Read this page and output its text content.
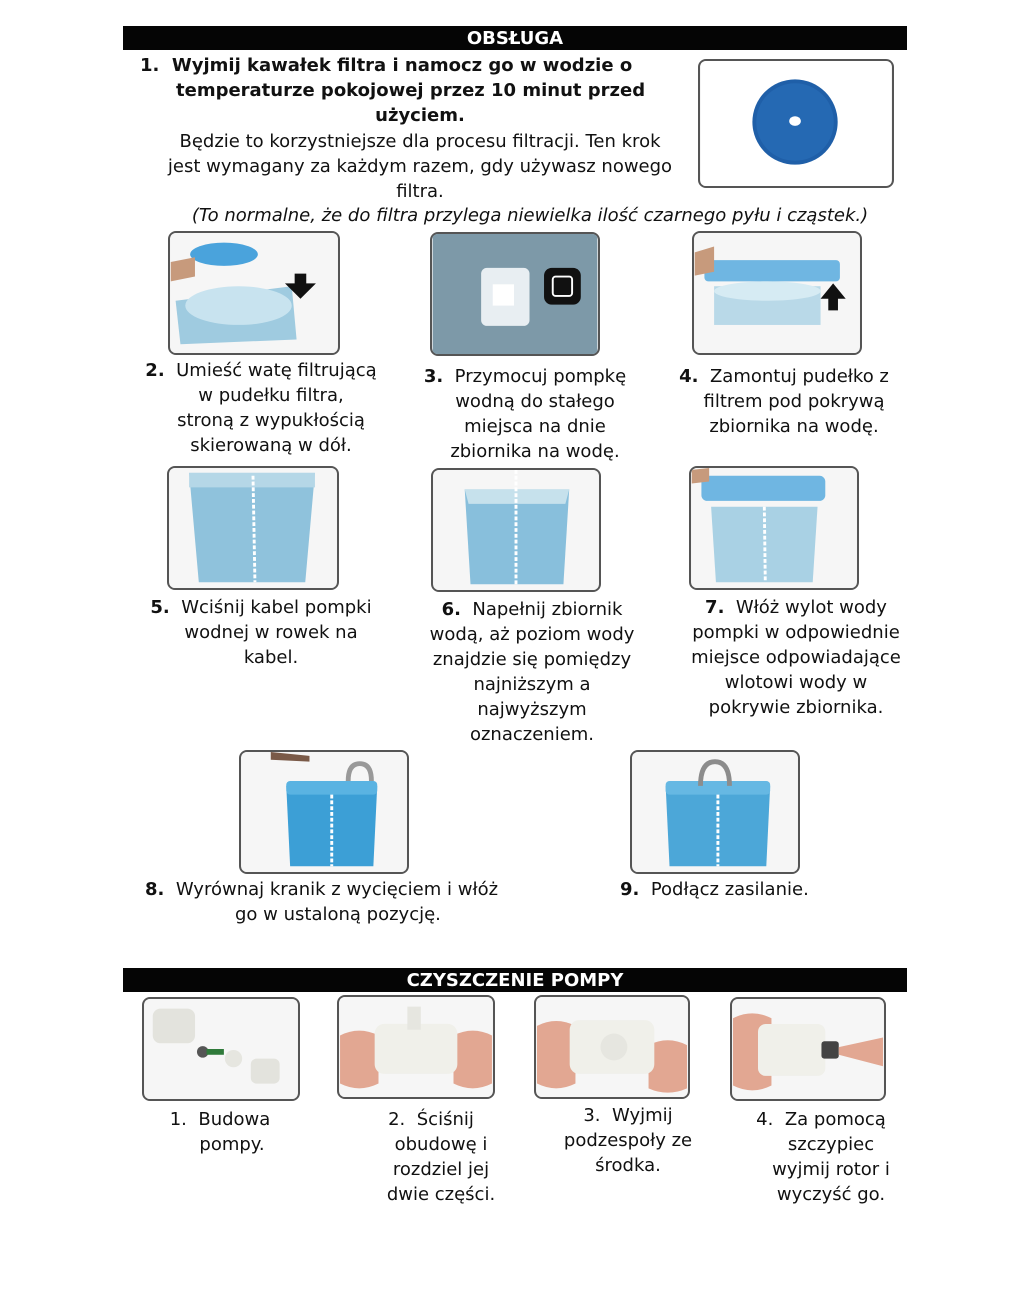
OBSŁUGA
1. Wyjmij kawałek filtra i namocz go w wodzie o
temperaturze pokojowej przez 10 minut przed
użyciem.
Będzie to korzystniejsze dla procesu filtracji. Ten krok
jest wymagany za każdym razem, gdy używasz nowego
filtra.
(To normalne, że do filtra przylega niewielka ilość czarnego pyłu i cząstek.)
2. Umieść watę filtrującą
w pudełku filtra,
stroną z wypukłością
skierowaną w dół.
3. Przymocuj pompkę
wodną do stałego
miejsca na dnie
zbiornika na wodę.
4. Zamontuj pudełko z
filtrem pod pokrywą
zbiornika na wodę.
5. Wciśnij kabel pompki
wodnej w rowek na
kabel.
6. Napełnij zbiornik
wodą, aż poziom wody
znajdzie się pomiędzy
najniższym a
najwyższym
oznaczeniem.
7. Włóż wylot wody
pompki w odpowiednie
miejsce odpowiadające
wlotowi wody w
pokrywie zbiornika.
8. Wyrównaj kranik z wycięciem i włóż
go w ustaloną pozycję.
9. Podłącz zasilanie.
CZYSZCZENIE POMPY
1. Budowa
pompy.
2. Ściśnij
obudowę i
rozdziel jej
dwie części.
3. Wyjmij
podzespoły ze
środka.
4. Za pomocą
szczypiec
wyjmij rotor i
wyczyść go.
